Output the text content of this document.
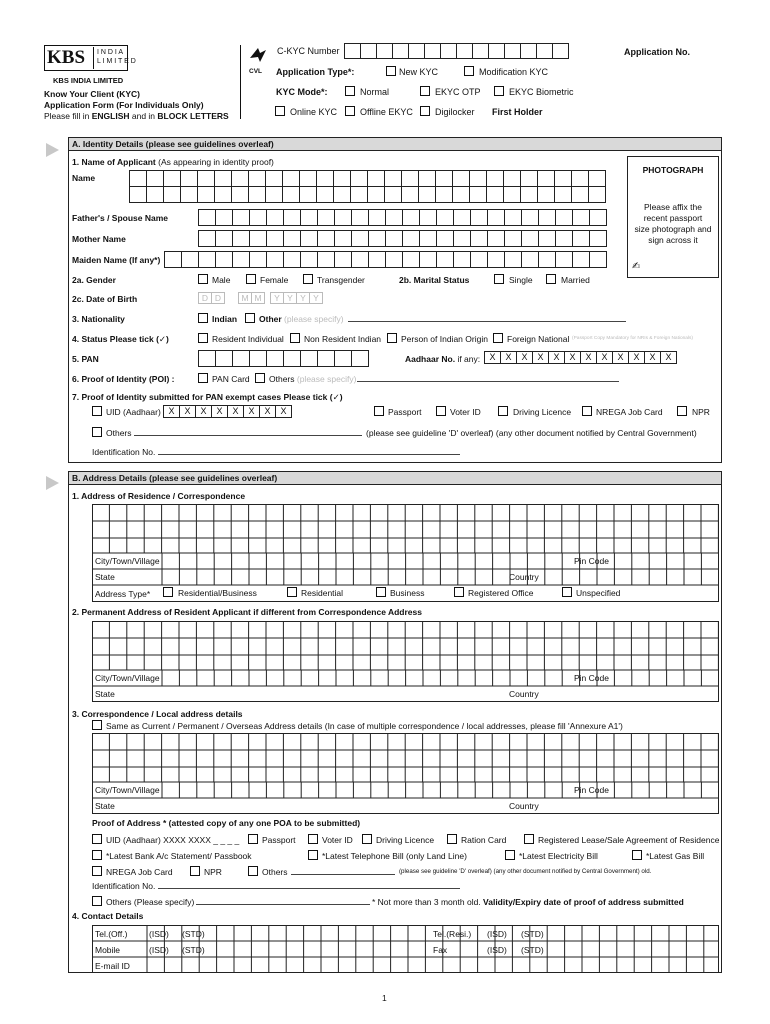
KBS I N D I A
L I M I T E D
KBS INDIA LIMITED
Know Your Client (KYC)
Application Form (For Individuals Only)
Please fill in ENGLISH and in BLOCK LETTERS
CVL
C-KYC Number
														Application No.
Application Type*:	New KYC	Modification KYC
KYC Mode*:	Normal	EKYC OTP	EKYC Biometric
Online KYC	Offline EKYC Digilocker First Holder
A. Identity Details (please see guidelines overleaf)
1. Name of Applicant (As appearing in identity proof)
Name

Father's / Spouse Name

Mother Name

Maiden Name (If any*)

PHOTOGRAPH
Please affix the
recent passport
size photograph and
sign across it
✍
2a. Gender	Male	Female	Transgender	2b. Marital Status	Single	Married
2c. Date of Birth	D D M M Y Y Y Y
3. Nationality	Indian	Other (please specify)
4. Status Please tick (✓)	Resident Individual Non Resident Indian Person of Indian Origin Foreign National (Passport Copy Mandatory for NRIs & Foreign Nationals)
5. PAN
										Aadhaar No. if any:	X X X X X X X X X X X X
6. Proof of Identity (POI) :	PAN Card Others (please specify)
7. Proof of Identity submitted for PAN exempt cases Please tick (✓)
UID (Aadhaar) X X X X X X X X	Passport	Voter ID	Driving Licence	NREGA Job Card	NPR
Others	(please see guideline 'D' overleaf) (any other document notified by Central Government)
Identification No.
B. Address Details (please see guidelines overleaf)
1. Address of Residence / Correspondence
City/Town/Village	Pin Code
State	Country
Address Type*	Residential/Business	Residential	Business	Registered Office	Unspecified
2. Permanent Address of Resident Applicant if different from Correspondence Address
City/Town/Village	Pin Code
State	Country
3. Correspondence / Local address details
Same as Current / Permanent / Overseas Address details (In case of multiple correspondence / local addresses, please fill 'Annexure A1')
City/Town/Village	Pin Code
State	Country
Proof of Address * (attested copy of any one POA to be submitted)
UID (Aadhaar) XXXX XXXX _ _ _ _	Passport	Voter ID	Driving Licence	Ration Card	Registered Lease/Sale Agreement of Residence
*Latest Bank A/c Statement/ Passbook	*Latest Telephone Bill (only Land Line)	*Latest Electricity Bill	*Latest Gas Bill
NREGA Job Card	NPR	Others	(please see guideline 'D' overleaf) (any other document notified by Central Government) old.
Identification No.
Others (Please specify)	* Not more than 3 month old. Validity/Expiry date of proof of address submitted
4. Contact Details
Tel.(Off.)	(ISD) (STD)	Tel.(Resi.) (ISD) (STD)
Mobile	(ISD) (STD)	Fax	(ISD) (STD)
E-mail ID
1
